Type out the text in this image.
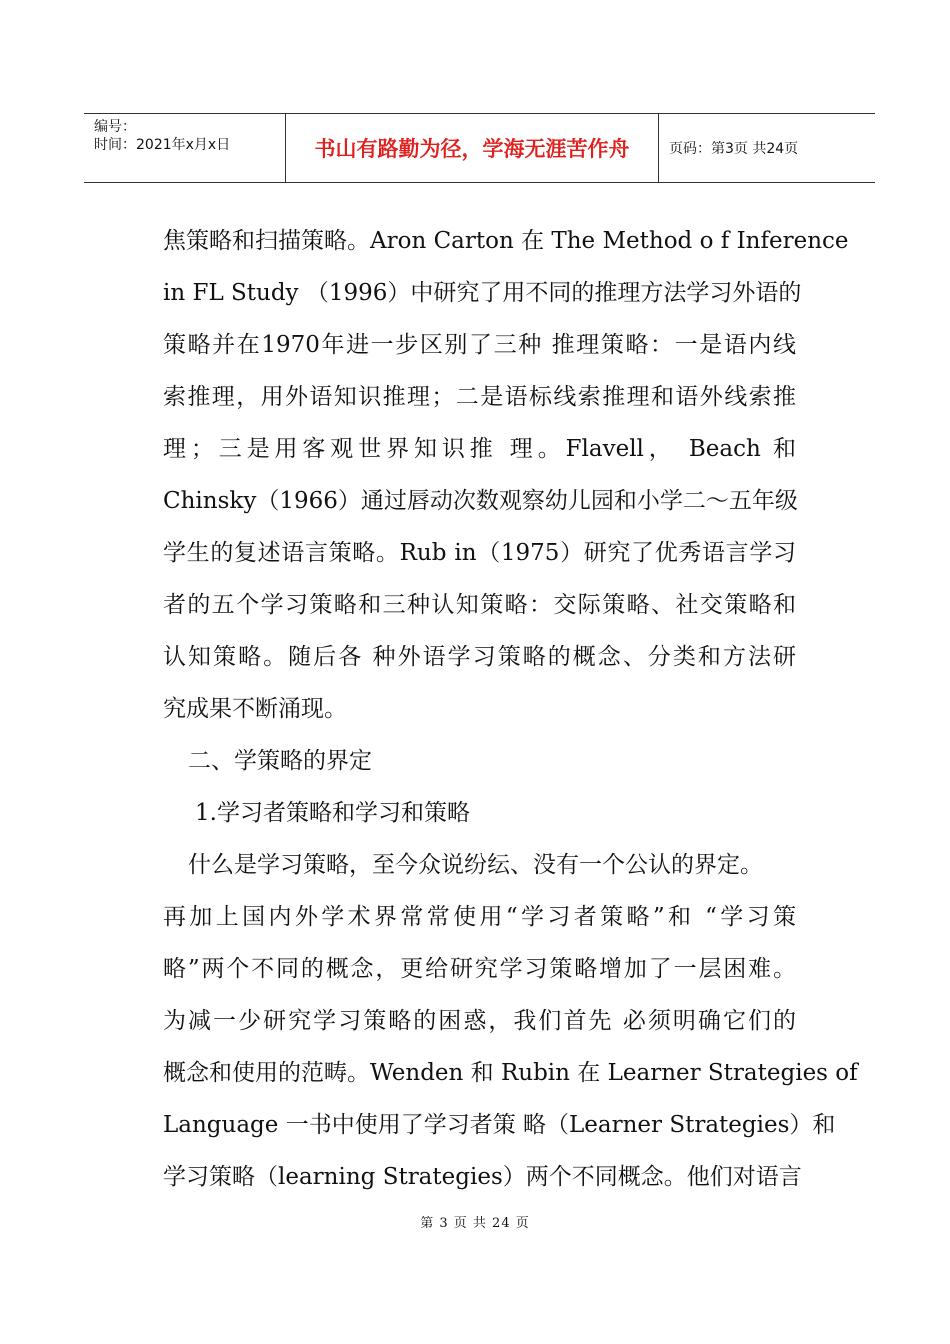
编号：
时间：2021年x月x日	书山有路勤为径，学海无涯苦作舟	页码：第3页 共24页
焦策略和扫描策略。Aron Carton 在 The Method o f Inference
in FL Study （1996）中研究了用不同的推理方法学习外语的
策略并在1970年进一步区别了三种 推理策略：一是语内线
索推理，用外语知识推理；二是语标线索推理和语外线索推
理；三是用客观世界知识推 理。Flavell， Beach 和
Chinsky（1966）通过唇动次数观察幼儿园和小学二～五年级
学生的复述语言策略。Rub in（1975）研究了优秀语言学习
者的五个学习策略和三种认知策略：交际策略、社交策略和
认知策略。随后各 种外语学习策略的概念、分类和方法研
究成果不断涌现。
二、学策略的界定
1.学习者策略和学习和策略
什么是学习策略，至今众说纷纭、没有一个公认的界定。
再加上国内外学术界常常使用“学习者策略”和 “学习策
略”两个不同的概念，更给研究学习策略增加了一层困难。
为减一少研究学习策略的困惑，我们首先 必须明确它们的
概念和使用的范畴。Wenden 和 Rubin 在 Learner Strategies of
Language 一书中使用了学习者策 略（Learner Strategies）和
学习策略（learning Strategies）两个不同概念。他们对语言
第 3 页 共 24 页
